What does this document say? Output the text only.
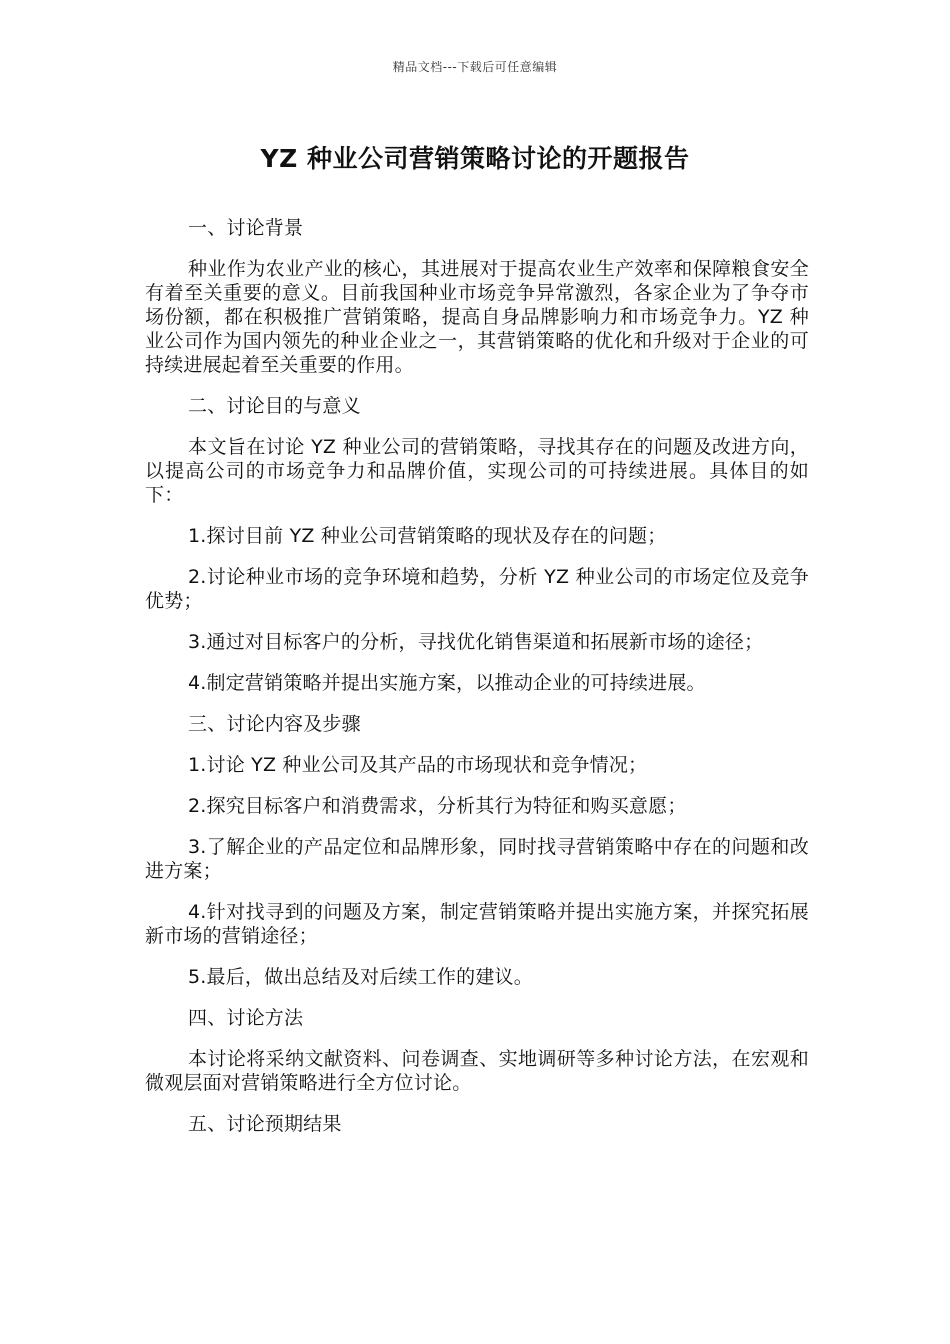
精品文档---下载后可任意编辑
YZ 种业公司营销策略讨论的开题报告

一、讨论背景

种业作为农业产业的核心，其进展对于提高农业生产效率和保障粮食安全有着至关重要的意义。目前我国种业市场竞争异常激烈，各家企业为了争夺市场份额，都在积极推广营销策略，提高自身品牌影响力和市场竞争力。YZ 种业公司作为国内领先的种业企业之一，其营销策略的优化和升级对于企业的可持续进展起着至关重要的作用。

二、讨论目的与意义

本文旨在讨论 YZ 种业公司的营销策略，寻找其存在的问题及改进方向，以提高公司的市场竞争力和品牌价值，实现公司的可持续进展。具体目的如下：

1.探讨目前 YZ 种业公司营销策略的现状及存在的问题；

2.讨论种业市场的竞争环境和趋势，分析 YZ 种业公司的市场定位及竞争优势；

3.通过对目标客户的分析，寻找优化销售渠道和拓展新市场的途径；

4.制定营销策略并提出实施方案，以推动企业的可持续进展。

三、讨论内容及步骤

1.讨论 YZ 种业公司及其产品的市场现状和竞争情况；

2.探究目标客户和消费需求，分析其行为特征和购买意愿；

3.了解企业的产品定位和品牌形象，同时找寻营销策略中存在的问题和改进方案；

4.针对找寻到的问题及方案，制定营销策略并提出实施方案，并探究拓展新市场的营销途径；

5.最后，做出总结及对后续工作的建议。

四、讨论方法

本讨论将采纳文献资料、问卷调查、实地调研等多种讨论方法，在宏观和微观层面对营销策略进行全方位讨论。

五、讨论预期结果
